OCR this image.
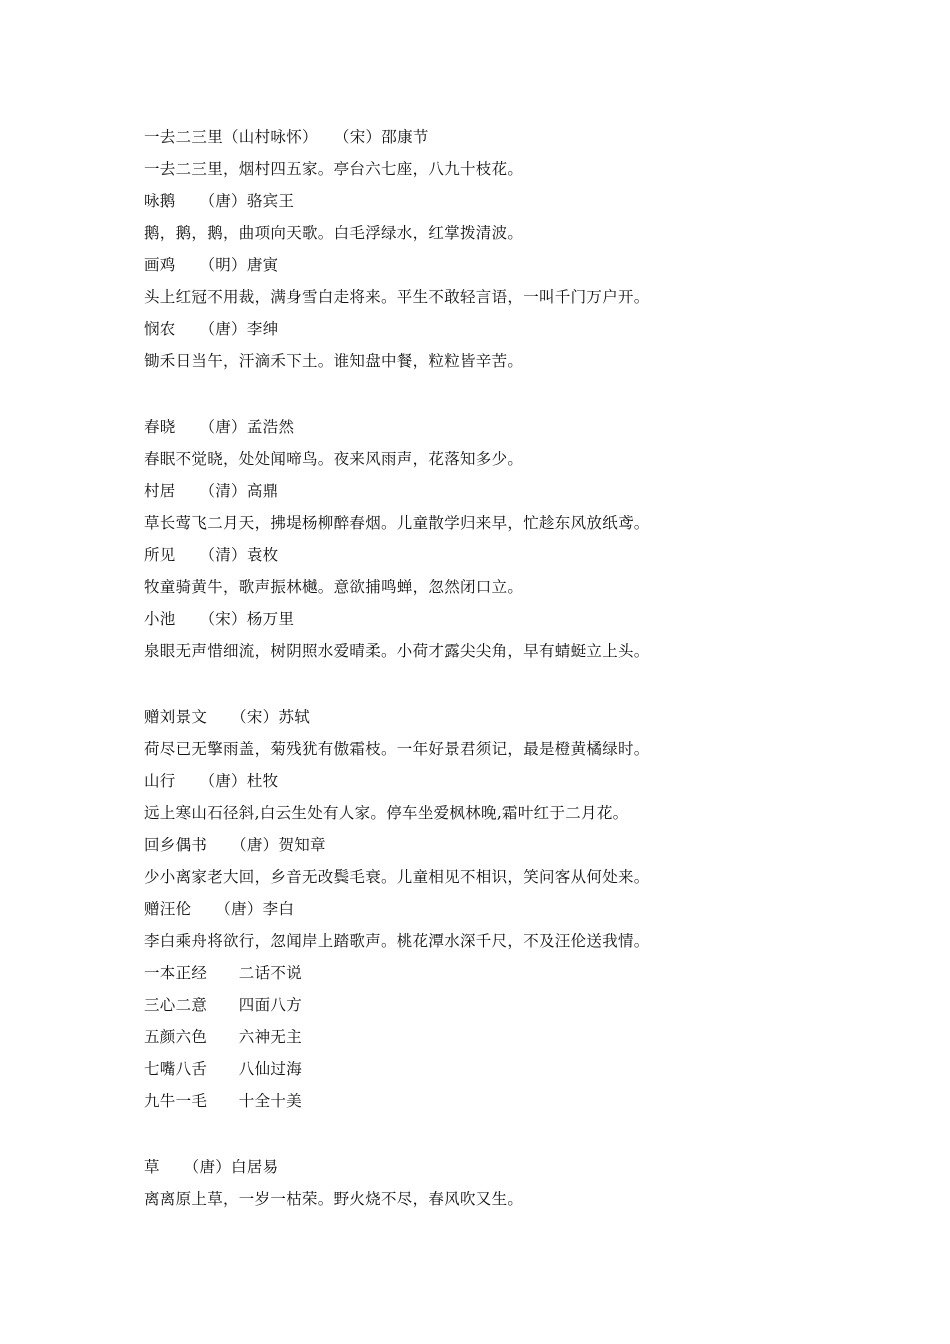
一去二三里（山村咏怀）　　（宋）邵康节
一去二三里，烟村四五家。亭台六七座，八九十枝花。
咏鹅　　（唐）骆宾王
鹅，鹅，鹅，曲项向天歌。白毛浮绿水，红掌拨清波。
画鸡　　（明）唐寅
头上红冠不用裁，满身雪白走将来。平生不敢轻言语，一叫千门万户开。
悯农　　（唐）李绅
锄禾日当午，汗滴禾下土。谁知盘中餐，粒粒皆辛苦。
春晓　　（唐）孟浩然
春眠不觉晓，处处闻啼鸟。夜来风雨声，花落知多少。
村居　　（清）高鼎
草长莺飞二月天，拂堤杨柳醉春烟。儿童散学归来早，忙趁东风放纸鸢。
所见　　（清）袁枚
牧童骑黄牛，歌声振林樾。意欲捕鸣蝉，忽然闭口立。
小池　　（宋）杨万里
泉眼无声惜细流，树阴照水爱晴柔。小荷才露尖尖角，早有蜻蜓立上头。
赠刘景文　　（宋）苏轼
荷尽已无擎雨盖，菊残犹有傲霜枝。一年好景君须记，最是橙黄橘绿时。
山行　　（唐）杜牧
远上寒山石径斜,白云生处有人家。停车坐爱枫林晚,霜叶红于二月花。
回乡偶书　　（唐）贺知章
少小离家老大回，乡音无改鬓毛衰。儿童相见不相识，笑问客从何处来。
赠汪伦　　（唐）李白
李白乘舟将欲行，忽闻岸上踏歌声。桃花潭水深千尺，不及汪伦送我情。
一本正经　　二话不说
三心二意　　四面八方
五颜六色　　六神无主
七嘴八舌　　八仙过海
九牛一毛　　十全十美
草　　（唐）白居易
离离原上草，一岁一枯荣。野火烧不尽，春风吹又生。
